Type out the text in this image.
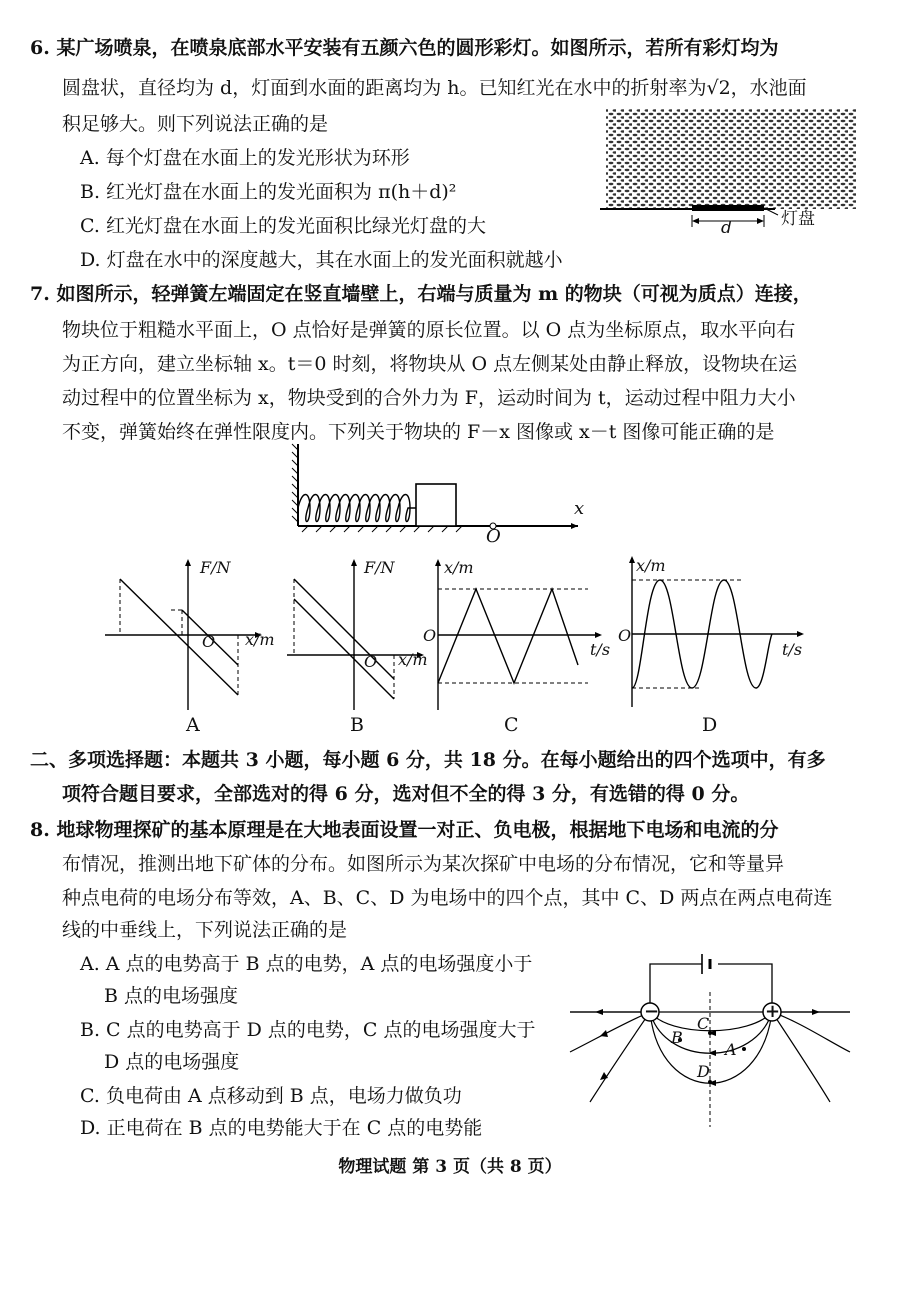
6. 某广场喷泉，在喷泉底部水平安装有五颜六色的圆形彩灯。如图所示，若所有彩灯均为
圆盘状，直径均为 d，灯面到水面的距离均为 h。已知红光在水中的折射率为√2，水池面
积足够大。则下列说法正确的是
A. 每个灯盘在水面上的发光形状为环形
B. 红光灯盘在水面上的发光面积为 π(h＋d)²
C. 红光灯盘在水面上的发光面积比绿光灯盘的大
D. 灯盘在水中的深度越大，其在水面上的发光面积就越小
d	灯盘
7. 如图所示，轻弹簧左端固定在竖直墙壁上，右端与质量为 m 的物块（可视为质点）连接，
物块位于粗糙水平面上，O 点恰好是弹簧的原长位置。以 O 点为坐标原点，取水平向右
为正方向，建立坐标轴 x。t＝0 时刻，将物块从 O 点左侧某处由静止释放，设物块在运
动过程中的位置坐标为 x，物块受到的合外力为 F，运动时间为 t，运动过程中阻力大小
不变，弹簧始终在弹性限度内。下列关于物块的 F－x 图像或 x－t 图像可能正确的是
x
O
F/N
x/m
O
A
F/N
x/m
O
B
x/m
t/s
O
C
x/m
t/s
O
D
二、多项选择题：本题共 3 小题，每小题 6 分，共 18 分。在每小题给出的四个选项中，有多
项符合题目要求，全部选对的得 6 分，选对但不全的得 3 分，有选错的得 0 分。
8. 地球物理探矿的基本原理是在大地表面设置一对正、负电极，根据地下电场和电流的分
布情况，推测出地下矿体的分布。如图所示为某次探矿中电场的分布情况，它和等量异
种点电荷的电场分布等效，A、B、C、D 为电场中的四个点，其中 C、D 两点在两点电荷连
线的中垂线上，下列说法正确的是
A. A 点的电势高于 B 点的电势，A 点的电场强度小于
B 点的电场强度
B. C 点的电势高于 D 点的电势，C 点的电场强度大于
D 点的电场强度
C. 负电荷由 A 点移动到 B 点，电场力做负功
D. 正电荷在 B 点的电势能大于在 C 点的电势能
−	+
C
B
A
D
物理试题 第 3 页（共 8 页）
